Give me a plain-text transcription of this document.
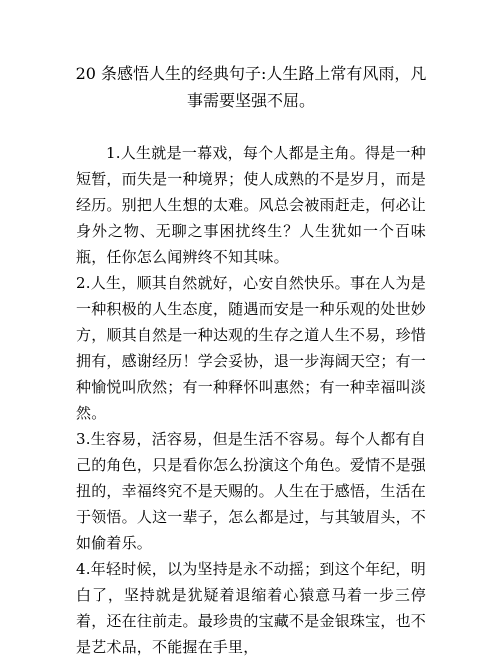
20 条感悟人生的经典句子:人生路上常有风雨，凡事需要坚强不屈。

1.人生就是一幕戏，每个人都是主角。得是一种短暂，而失是一种境界；使人成熟的不是岁月，而是经历。别把人生想的太难。风总会被雨赶走，何必让身外之物、无聊之事困扰终生？人生犹如一个百味瓶，任你怎么闻辨终不知其味。

2.人生，顺其自然就好，心安自然快乐。事在人为是一种积极的人生态度，随遇而安是一种乐观的处世妙方，顺其自然是一种达观的生存之道人生不易，珍惜拥有，感谢经历！学会妥协，退一步海阔天空；有一种愉悦叫欣然；有一种释怀叫惠然；有一种幸福叫淡然。

3.生容易，活容易，但是生活不容易。每个人都有自己的角色，只是看你怎么扮演这个角色。爱情不是强扭的，幸福终究不是天赐的。人生在于感悟，生活在于领悟。人这一辈子，怎么都是过，与其皱眉头，不如偷着乐。

4.年轻时候，以为坚持是永不动摇；到这个年纪，明白了，坚持就是犹疑着退缩着心猿意马着一步三停着，还在往前走。最珍贵的宝藏不是金银珠宝，也不是艺术品，不能握在手里，
